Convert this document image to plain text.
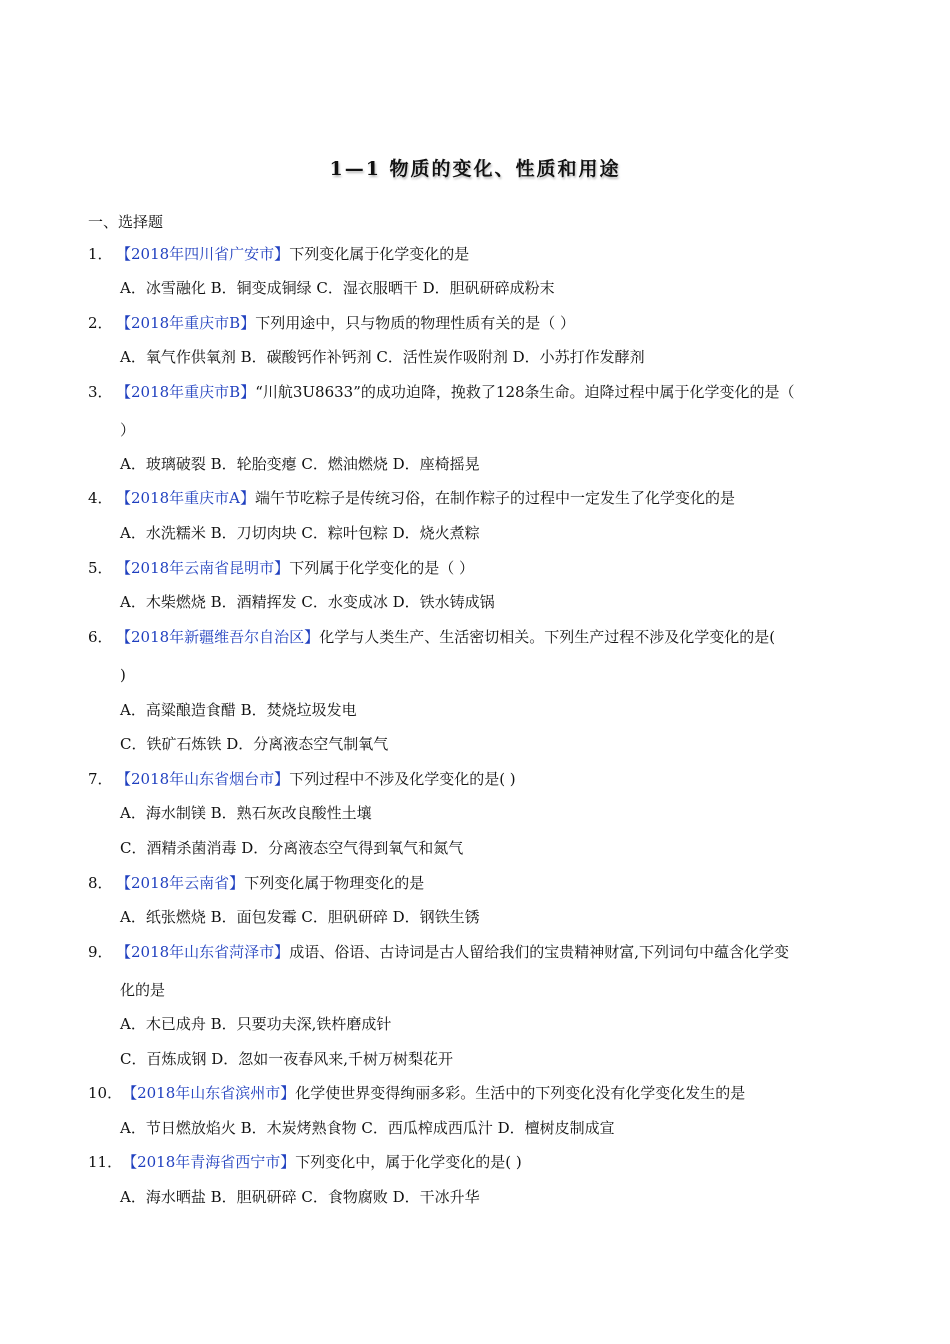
1—1 物质的变化、性质和用途
一、选择题
1． 【2018年四川省广安市】下列变化属于化学变化的是
A．冰雪融化 B．铜变成铜绿 C．湿衣服晒干 D．胆矾研碎成粉末
2． 【2018年重庆市B】下列用途中，只与物质的物理性质有关的是（ ）
A．氧气作供氧剂 B．碳酸钙作补钙剂 C．活性炭作吸附剂 D．小苏打作发酵剂
3． 【2018年重庆市B】“川航3U8633”的成功迫降，挽救了128条生命。迫降过程中属于化学变化的是（
）
A．玻璃破裂 B．轮胎变瘪 C．燃油燃烧 D．座椅摇晃
4． 【2018年重庆市A】端午节吃粽子是传统习俗，在制作粽子的过程中一定发生了化学变化的是
A．水洗糯米 B．刀切肉块 C．粽叶包粽 D．烧火煮粽
5． 【2018年云南省昆明市】下列属于化学变化的是（ ）
A．木柴燃烧 B．酒精挥发 C．水变成冰 D．铁水铸成锅
6． 【2018年新疆维吾尔自治区】化学与人类生产、生活密切相关。下列生产过程不涉及化学变化的是(
)
A．高粱酿造食醋 B．焚烧垃圾发电
C．铁矿石炼铁 D．分离液态空气制氧气
7． 【2018年山东省烟台市】下列过程中不涉及化学变化的是( )
A．海水制镁 B．熟石灰改良酸性土壤
C．酒精杀菌消毒 D．分离液态空气得到氧气和氮气
8． 【2018年云南省】下列变化属于物理变化的是
A．纸张燃烧 B．面包发霉 C．胆矾研碎 D．钢铁生锈
9． 【2018年山东省菏泽市】成语、俗语、古诗词是古人留给我们的宝贵精神财富,下列词句中蕴含化学变
化的是
A．木已成舟 B．只要功夫深,铁杵磨成针
C．百炼成钢 D．忽如一夜春风来,千树万树梨花开
10．【2018年山东省滨州市】化学使世界变得绚丽多彩。生活中的下列变化没有化学变化发生的是
A．节日燃放焰火 B．木炭烤熟食物 C．西瓜榨成西瓜汁 D．檀树皮制成宣
11．【2018年青海省西宁市】下列变化中，属于化学变化的是( )
A．海水晒盐 B．胆矾研碎 C．食物腐败 D．干冰升华
